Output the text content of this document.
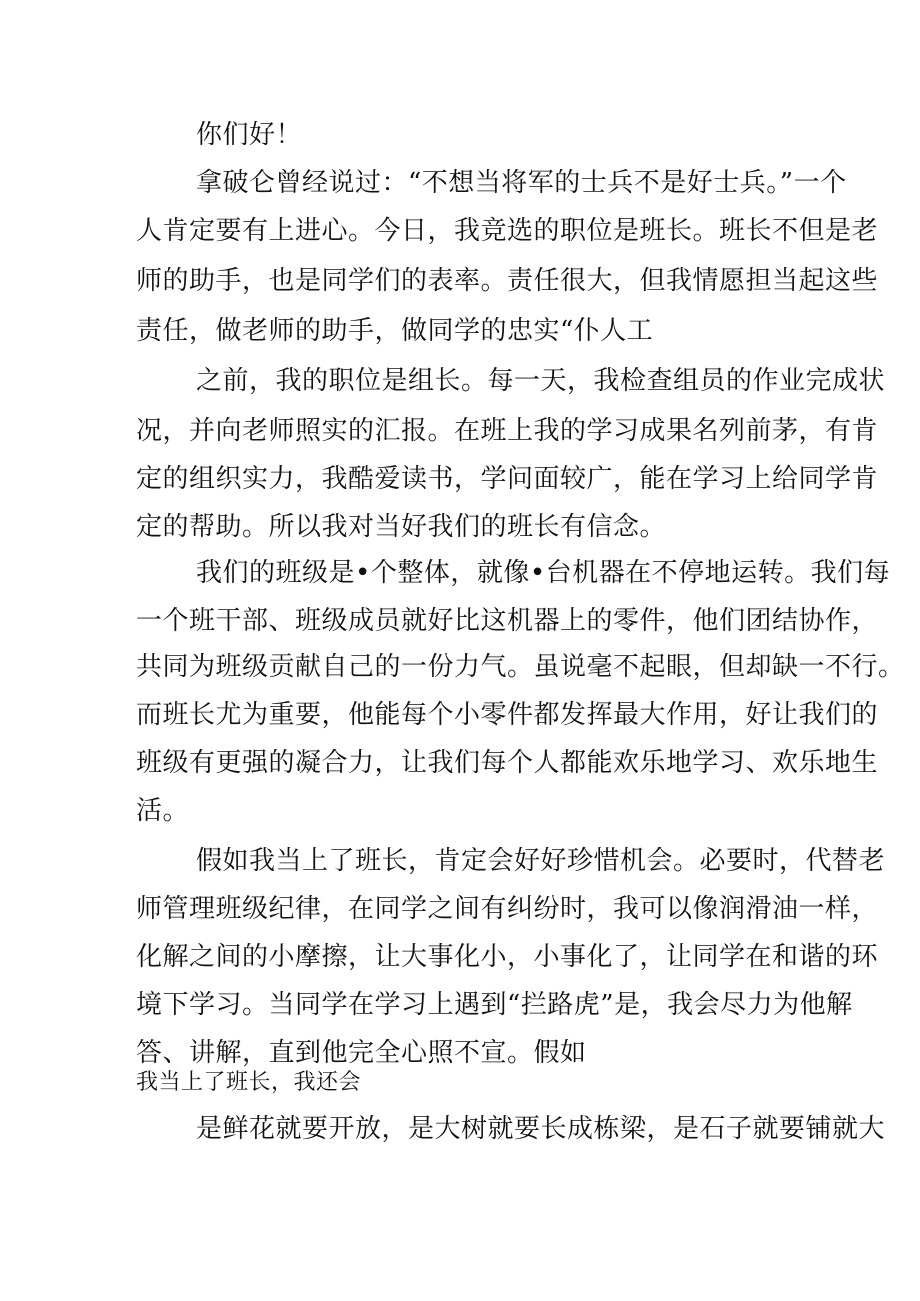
你们好！
拿破仑曾经说过：“不想当将军的士兵不是好士兵。”一个
人肯定要有上进心。今日，我竞选的职位是班长。班长不但是老
师的助手，也是同学们的表率。责任很大，但我情愿担当起这些
责任，做老师的助手，做同学的忠实“仆人工
之前，我的职位是组长。每一天，我检查组员的作业完成状
况，并向老师照实的汇报。在班上我的学习成果名列前茅，有肯
定的组织实力，我酷爱读书，学问面较广，能在学习上给同学肯
定的帮助。所以我对当好我们的班长有信念。
我们的班级是•个整体，就像•台机器在不停地运转。我们每
一个班干部、班级成员就好比这机器上的零件，他们团结协作，
共同为班级贡献自己的一份力气。虽说毫不起眼，但却缺一不行。
而班长尤为重要，他能每个小零件都发挥最大作用，好让我们的
班级有更强的凝合力，让我们每个人都能欢乐地学习、欢乐地生
活。
假如我当上了班长，肯定会好好珍惜机会。必要时，代替老
师管理班级纪律，在同学之间有纠纷时，我可以像润滑油一样，
化解之间的小摩擦，让大事化小，小事化了，让同学在和谐的环
境下学习。当同学在学习上遇到“拦路虎”是，我会尽力为他解
答、讲解，直到他完全心照不宣。假如
我当上了班长，我还会
是鲜花就要开放，是大树就要长成栋梁，是石子就要铺就大
